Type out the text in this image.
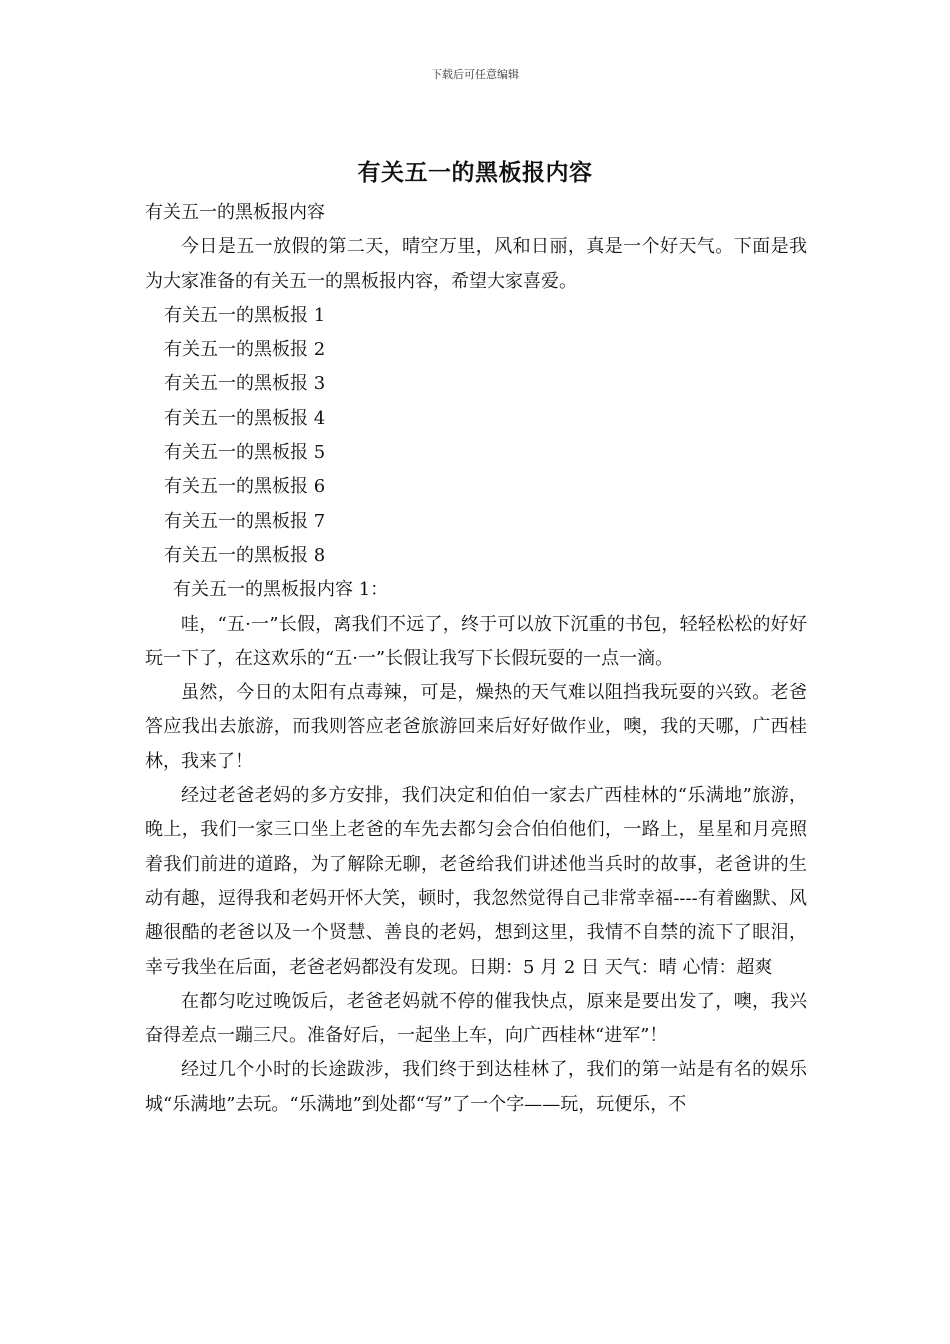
下载后可任意编辑
有关五一的黑板报内容

有关五一的黑板报内容

今日是五一放假的第二天，晴空万里，风和日丽，真是一个好天气。下面是我为大家准备的有关五一的黑板报内容，希望大家喜爱。

有关五一的黑板报 1
有关五一的黑板报 2
有关五一的黑板报 3
有关五一的黑板报 4
有关五一的黑板报 5
有关五一的黑板报 6
有关五一的黑板报 7
有关五一的黑板报 8

有关五一的黑板报内容 1：

哇，“五·一”长假，离我们不远了，终于可以放下沉重的书包，轻轻松松的好好玩一下了，在这欢乐的“五·一”长假让我写下长假玩耍的一点一滴。

虽然，今日的太阳有点毒辣，可是，燥热的天气难以阻挡我玩耍的兴致。老爸答应我出去旅游，而我则答应老爸旅游回来后好好做作业，噢，我的天哪，广西桂林，我来了！

经过老爸老妈的多方安排，我们决定和伯伯一家去广西桂林的“乐满地”旅游，晚上，我们一家三口坐上老爸的车先去都匀会合伯伯他们，一路上，星星和月亮照着我们前进的道路，为了解除无聊，老爸给我们讲述他当兵时的故事，老爸讲的生动有趣，逗得我和老妈开怀大笑，顿时，我忽然觉得自己非常幸福----有着幽默、风趣很酷的老爸以及一个贤慧、善良的老妈，想到这里，我情不自禁的流下了眼泪，幸亏我坐在后面，老爸老妈都没有发现。日期：5 月 2 日 天气：晴 心情：超爽

在都匀吃过晚饭后，老爸老妈就不停的催我快点，原来是要出发了，噢，我兴奋得差点一蹦三尺。准备好后，一起坐上车，向广西桂林“进军”！

经过几个小时的长途跋涉，我们终于到达桂林了，我们的第一站是有名的娱乐城“乐满地”去玩。“乐满地”到处都“写”了一个字——玩，玩便乐，不
